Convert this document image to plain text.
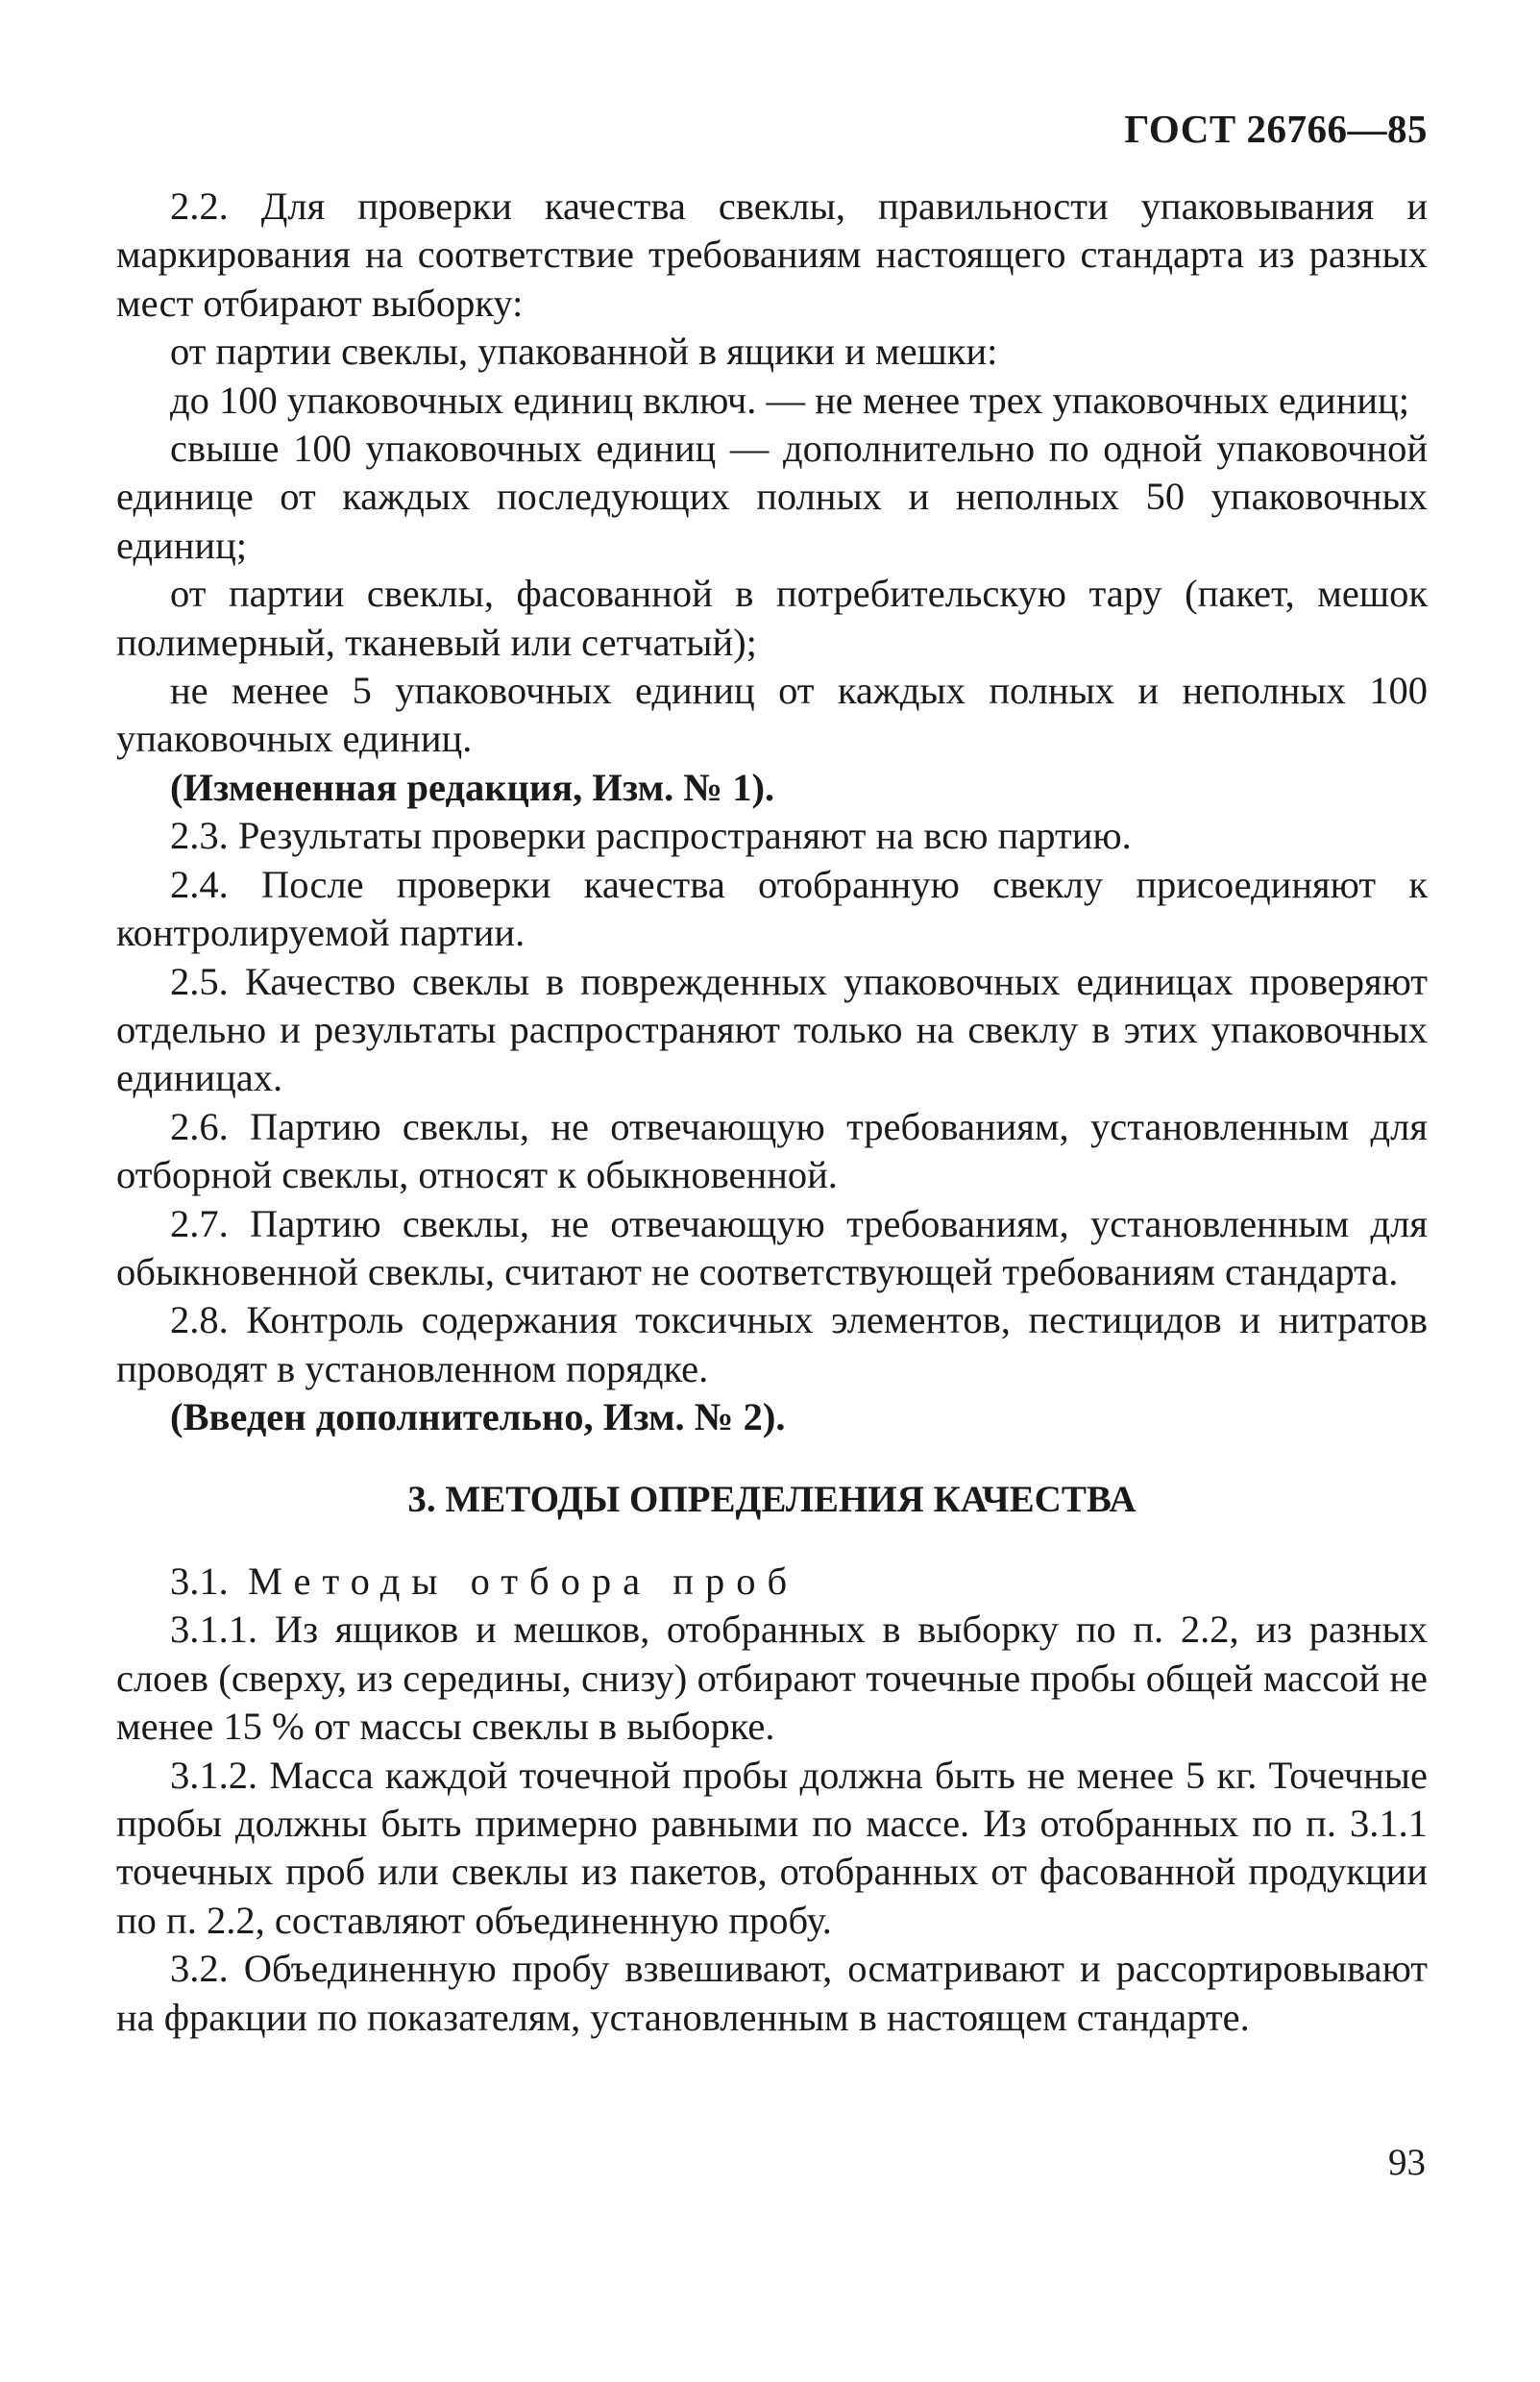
ГОСТ 26766—85

2.2. Для проверки качества свеклы, правильности упаковывания и маркирования на соответствие требованиям настоящего стандарта из разных мест отбирают выборку:

от партии свеклы, упакованной в ящики и мешки:

до 100 упаковочных единиц включ. — не менее трех упаковочных единиц;

свыше 100 упаковочных единиц — дополнительно по одной упаковочной единице от каждых последующих полных и неполных 50 упаковочных единиц;

от партии свеклы, фасованной в потребительскую тару (пакет, мешок полимерный, тканевый или сетчатый);

не менее 5 упаковочных единиц от каждых полных и неполных 100 упаковочных единиц.

(Измененная редакция, Изм. № 1).

2.3. Результаты проверки распространяют на всю партию.

2.4. После проверки качества отобранную свеклу присоединяют к контролируемой партии.

2.5. Качество свеклы в поврежденных упаковочных единицах проверяют отдельно и результаты распространяют только на свеклу в этих упаковочных единицах.

2.6. Партию свеклы, не отвечающую требованиям, установленным для отборной свеклы, относят к обыкновенной.

2.7. Партию свеклы, не отвечающую требованиям, установленным для обыкновенной свеклы, считают не соответствующей требованиям стандарта.

2.8. Контроль содержания токсичных элементов, пестицидов и нитратов проводят в установленном порядке.

(Введен дополнительно, Изм. № 2).

3. МЕТОДЫ ОПРЕДЕЛЕНИЯ КАЧЕСТВА

3.1. Методы отбора проб

3.1.1. Из ящиков и мешков, отобранных в выборку по п. 2.2, из разных слоев (сверху, из середины, снизу) отбирают точечные пробы общей массой не менее 15 % от массы свеклы в выборке.

3.1.2. Масса каждой точечной пробы должна быть не менее 5 кг. Точечные пробы должны быть примерно равными по массе. Из отобранных по п. 3.1.1 точечных проб или свеклы из пакетов, отобранных от фасованной продукции по п. 2.2, составляют объединенную пробу.

3.2. Объединенную пробу взвешивают, осматривают и рассортировывают на фракции по показателям, установленным в настоящем стандарте.

93
